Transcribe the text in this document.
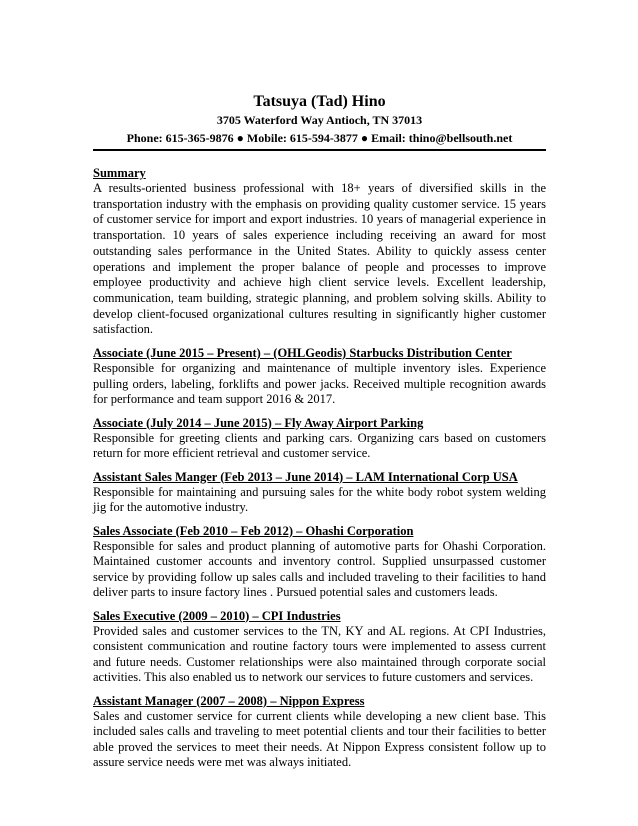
Tatsuya (Tad) Hino
3705 Waterford Way Antioch, TN 37013
Phone: 615-365-9876 ● Mobile: 615-594-3877 ● Email: thino@bellsouth.net
Summary
A results-oriented business professional with 18+ years of diversified skills in the transportation industry with the emphasis on providing quality customer service. 15 years of customer service for import and export industries. 10 years of managerial experience in transportation. 10 years of sales experience including receiving an award for most outstanding sales performance in the United States. Ability to quickly assess center operations and implement the proper balance of people and processes to improve employee productivity and achieve high client service levels. Excellent leadership, communication, team building, strategic planning, and problem solving skills. Ability to develop client-focused organizational cultures resulting in significantly higher customer satisfaction.
Associate (June 2015 – Present) – (OHLGeodis) Starbucks Distribution Center
Responsible for organizing and maintenance of multiple inventory isles. Experience pulling orders, labeling, forklifts and power jacks. Received multiple recognition awards for performance and team support 2016 & 2017.
Associate (July 2014 – June 2015) – Fly Away Airport Parking
Responsible for greeting clients and parking cars. Organizing cars based on customers return for more efficient retrieval and customer service.
Assistant Sales Manger (Feb 2013 – June 2014) – LAM International Corp USA
Responsible for maintaining and pursuing sales for the white body robot system welding jig for the automotive industry.
Sales Associate (Feb 2010 – Feb 2012) – Ohashi Corporation
Responsible for sales and product planning of automotive parts for Ohashi Corporation. Maintained customer accounts and inventory control. Supplied unsurpassed customer service by providing follow up sales calls and included traveling to their facilities to hand deliver parts to insure factory lines . Pursued potential sales and customers leads.
Sales Executive (2009 – 2010) – CPI Industries
Provided sales and customer services to the TN, KY and AL regions. At CPI Industries, consistent communication and routine factory tours were implemented to assess current and future needs. Customer relationships were also maintained through corporate social activities. This also enabled us to network our services to future customers and services.
Assistant Manager (2007 – 2008) – Nippon Express
Sales and customer service for current clients while developing a new client base. This included sales calls and traveling to meet potential clients and tour their facilities to better able proved the services to meet their needs. At Nippon Express consistent follow up to assure service needs were met was always initiated.
